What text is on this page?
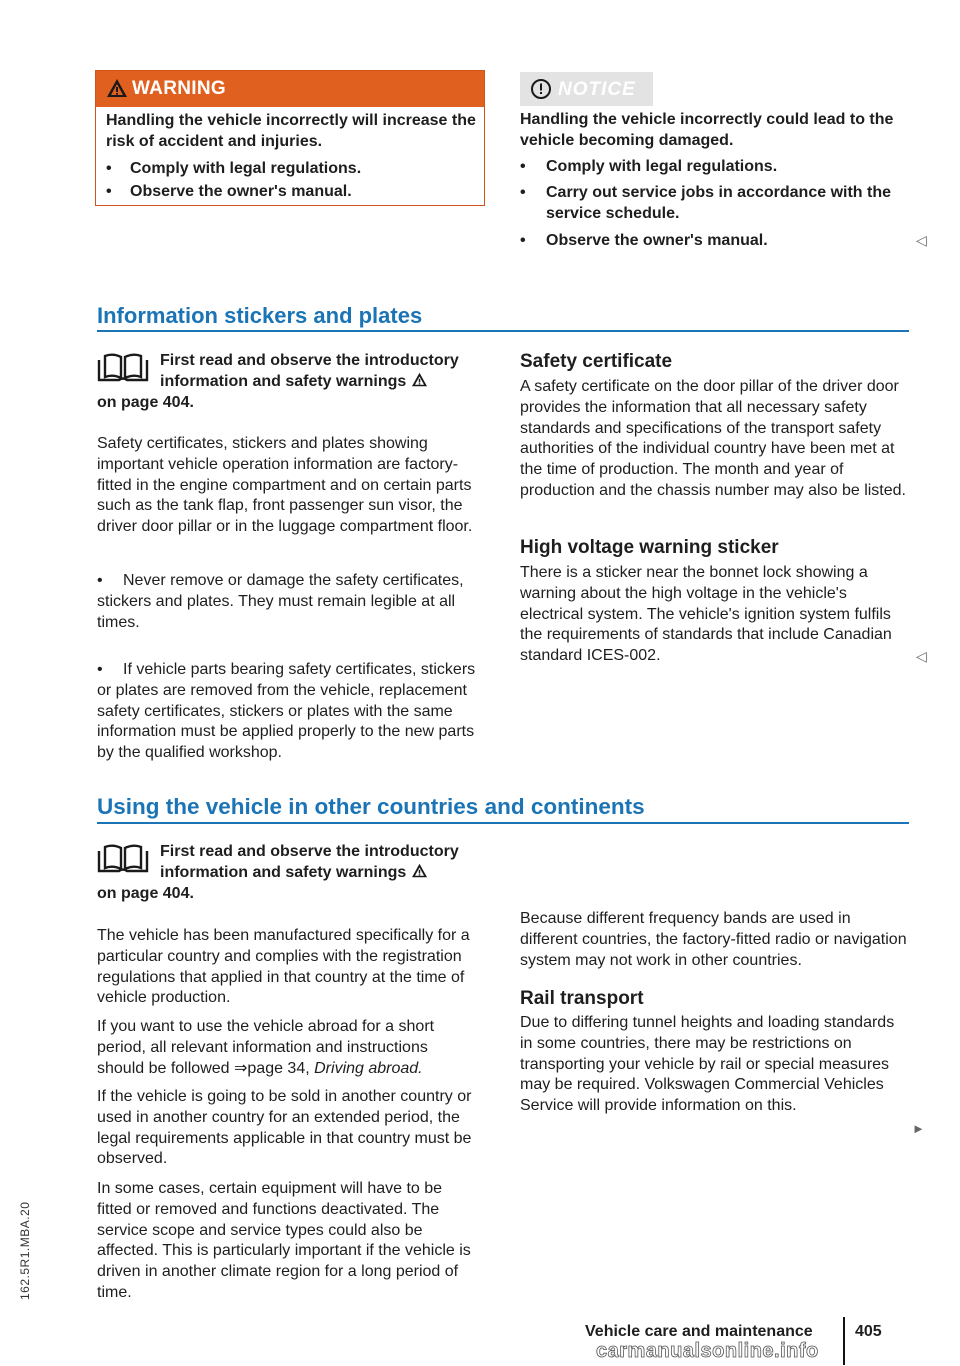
WARNING

Handling the vehicle incorrectly will increase the risk of accident and injuries.

• Comply with legal regulations.
• Observe the owner's manual.
NOTICE

Handling the vehicle incorrectly could lead to the vehicle becoming damaged.

• Comply with legal regulations.
• Carry out service jobs in accordance with the service schedule.
• Observe the owner's manual.	◁
Information stickers and plates

First read and observe the introductory information and safety warnings

on page 404.

Safety certificates, stickers and plates showing important vehicle operation information are factory-fitted in the engine compartment and on certain parts such as the tank flap, front passenger sun visor, the driver door pillar or in the luggage compartment floor.

•	Never remove or damage the safety certificates, stickers and plates. They must remain legible at all times.

•	If vehicle parts bearing safety certificates, stickers or plates are removed from the vehicle, replacement safety certificates, stickers or plates with the same information must be applied properly to the new parts by the qualified workshop.

Safety certificate

A safety certificate on the door pillar of the driver door provides the information that all necessary safety standards and specifications of the transport safety authorities of the individual country have been met at the time of production. The month and year of production and the chassis number may also be listed.

High voltage warning sticker

There is a sticker near the bonnet lock showing a warning about the high voltage in the vehicle's electrical system. The vehicle's ignition system fulfils the requirements of standards that include Canadian standard ICES-002.	◁
Using the vehicle in other countries and continents

First read and observe the introductory information and safety warnings

on page 404.

The vehicle has been manufactured specifically for a particular country and complies with the registration regulations that applied in that country at the time of vehicle production.

If you want to use the vehicle abroad for a short period, all relevant information and instructions should be followed ⇒page 34, Driving abroad.

If the vehicle is going to be sold in another country or used in another country for an extended period, the legal requirements applicable in that country must be observed.

In some cases, certain equipment will have to be fitted or removed and functions deactivated. The service scope and service types could also be affected. This is particularly important if the vehicle is driven in another climate region for a long period of time.

Because different frequency bands are used in different countries, the factory-fitted radio or navigation system may not work in other countries.

Rail transport

Due to differing tunnel heights and loading standards in some countries, there may be restrictions on transporting your vehicle by rail or special measures may be required. Volkswagen Commercial Vehicles Service will provide information on this.

►
162.5R1.MBA.20
Vehicle care and maintenance	405
carmanualsonline.info
